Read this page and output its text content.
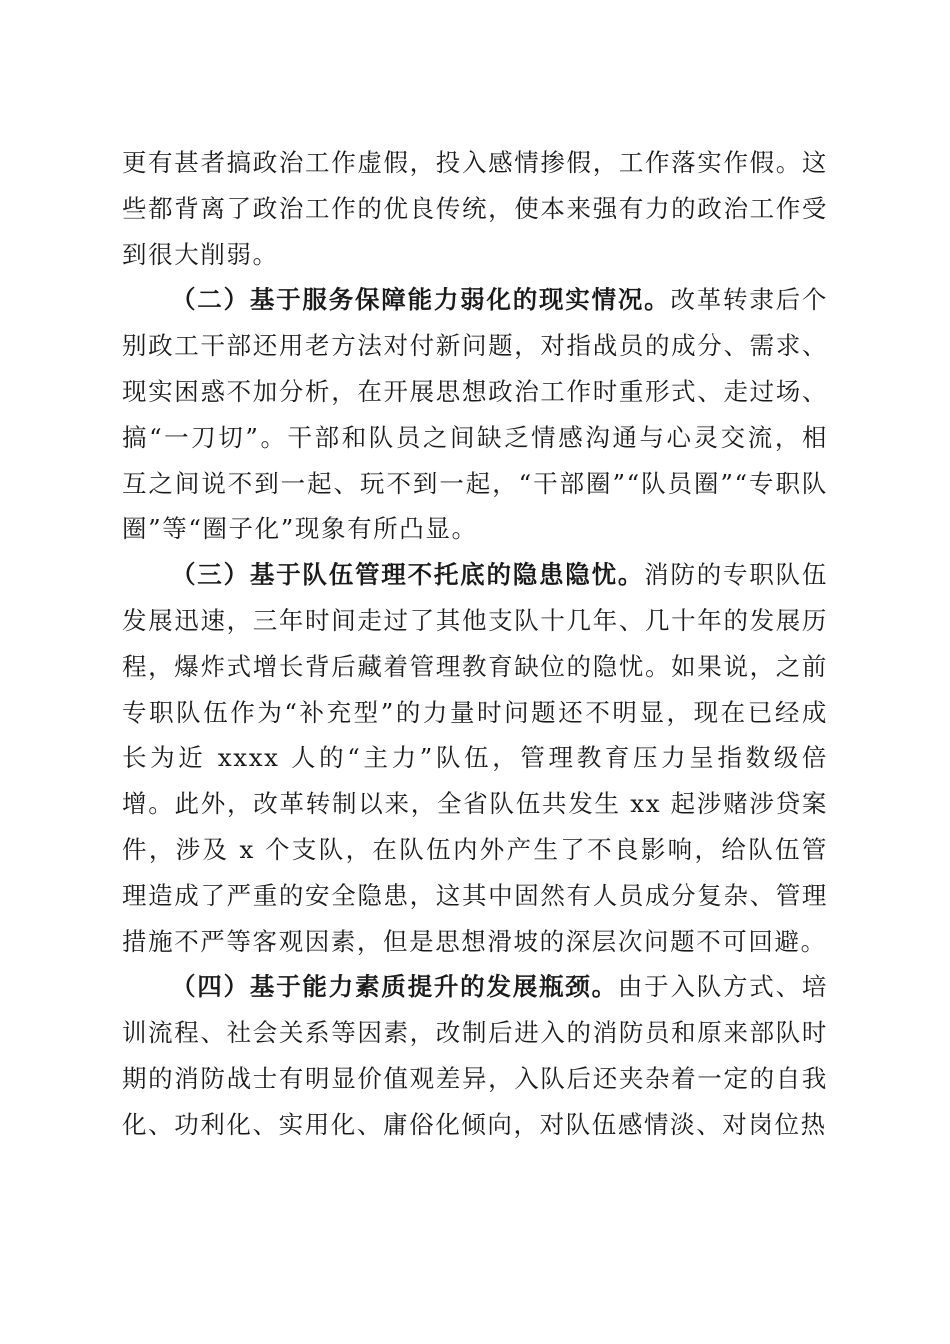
更有甚者搞政治工作虚假，投入感情掺假，工作落实作假。这些都背离了政治工作的优良传统，使本来强有力的政治工作受到很大削弱。

（二）基于服务保障能力弱化的现实情况。改革转隶后个别政工干部还用老方法对付新问题，对指战员的成分、需求、现实困惑不加分析，在开展思想政治工作时重形式、走过场、搞“一刀切”。干部和队员之间缺乏情感沟通与心灵交流，相互之间说不到一起、玩不到一起，“干部圈”“队员圈”“专职队圈”等“圈子化”现象有所凸显。

（三）基于队伍管理不托底的隐患隐忧。消防的专职队伍发展迅速，三年时间走过了其他支队十几年、几十年的发展历程，爆炸式增长背后藏着管理教育缺位的隐忧。如果说，之前专职队伍作为“补充型”的力量时问题还不明显，现在已经成长为近 xxxx 人的“主力”队伍，管理教育压力呈指数级倍增。此外，改革转制以来，全省队伍共发生 xx 起涉赌涉贷案件，涉及 x 个支队，在队伍内外产生了不良影响，给队伍管理造成了严重的安全隐患，这其中固然有人员成分复杂、管理措施不严等客观因素，但是思想滑坡的深层次问题不可回避。

（四）基于能力素质提升的发展瓶颈。由于入队方式、培训流程、社会关系等因素，改制后进入的消防员和原来部队时期的消防战士有明显价值观差异，入队后还夹杂着一定的自我化、功利化、实用化、庸俗化倾向，对队伍感情淡、对岗位热
